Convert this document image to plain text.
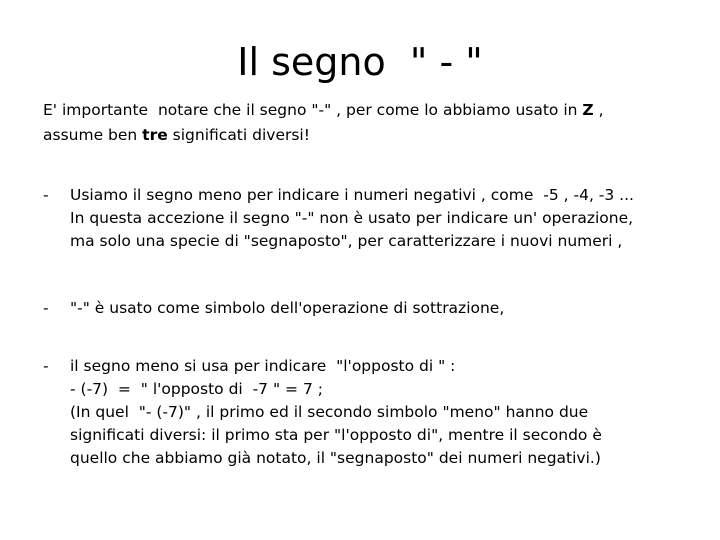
Il segno  " - "
E' importante  notare che il segno "-" , per come lo abbiamo usato in Z ,
assume ben tre significati diversi!
- Usiamo il segno meno per indicare i numeri negativi , come  -5 , -4, -3 ...
In questa accezione il segno "-" non è usato per indicare un' operazione,
ma solo una specie di "segnaposto", per caratterizzare i nuovi numeri ,
- "-" è usato come simbolo dell'operazione di sottrazione,
- il segno meno si usa per indicare  "l'opposto di " :
- (-7)  =  " l'opposto di  -7 " = 7 ;
(In quel  "- (-7)" , il primo ed il secondo simbolo "meno" hanno due
significati diversi: il primo sta per "l'opposto di", mentre il secondo è
quello che abbiamo già notato, il "segnaposto" dei numeri negativi.)
